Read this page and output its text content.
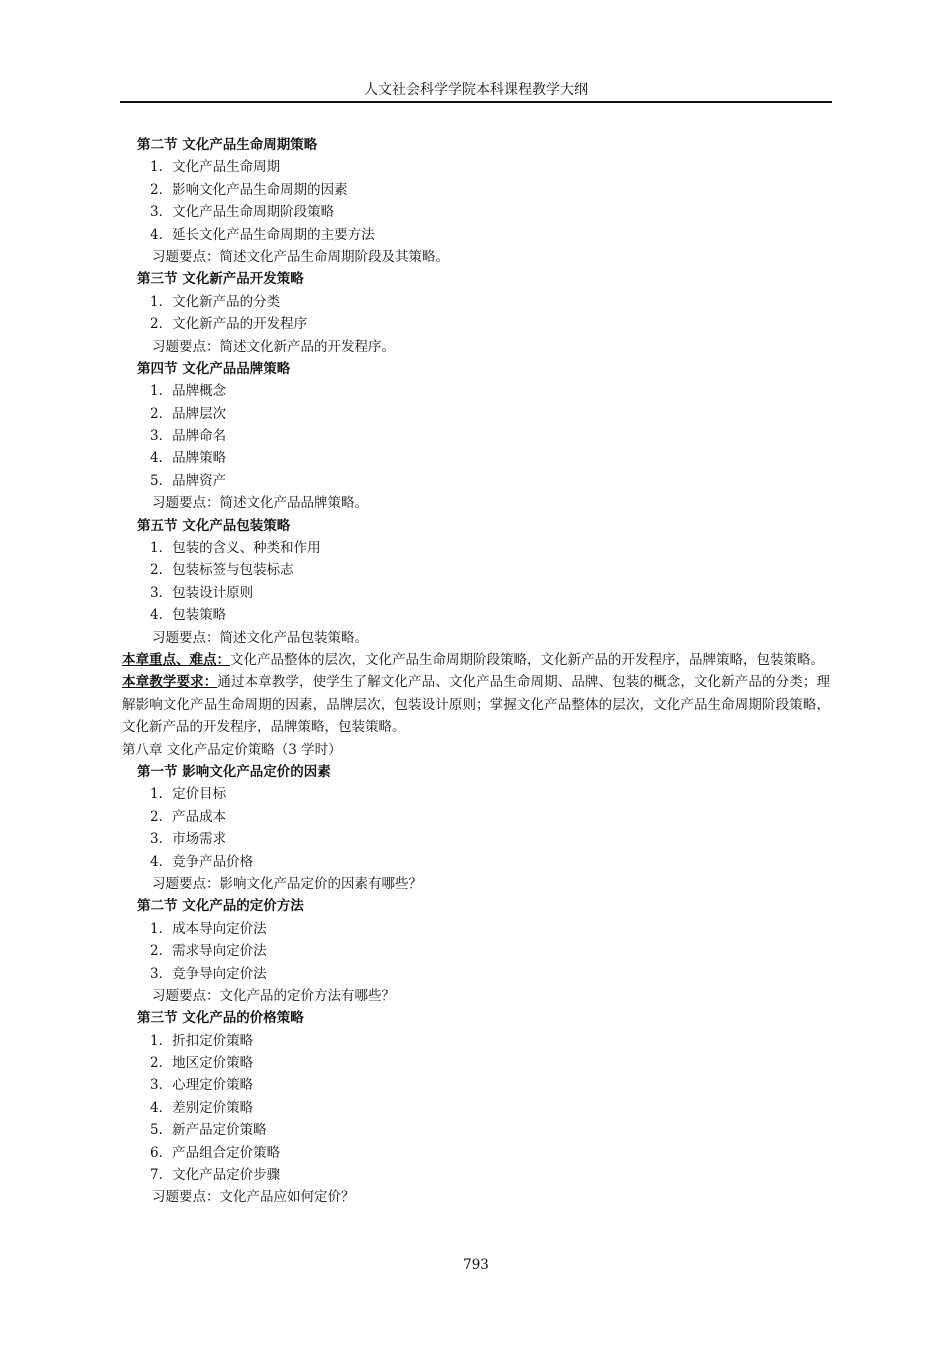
人文社会科学学院本科课程教学大纲
第二节 文化产品生命周期策略
1．文化产品生命周期
2．影响文化产品生命周期的因素
3．文化产品生命周期阶段策略
4．延长文化产品生命周期的主要方法
习题要点：简述文化产品生命周期阶段及其策略。
第三节 文化新产品开发策略
1．文化新产品的分类
2．文化新产品的开发程序
习题要点：简述文化新产品的开发程序。
第四节 文化产品品牌策略
1．品牌概念
2．品牌层次
3．品牌命名
4．品牌策略
5．品牌资产
习题要点：简述文化产品品牌策略。
第五节 文化产品包装策略
1．包装的含义、种类和作用
2．包装标签与包装标志
3．包装设计原则
4．包装策略
习题要点：简述文化产品包装策略。
本章重点、难点：文化产品整体的层次，文化产品生命周期阶段策略，文化新产品的开发程序，品牌策略，包装策略。
本章教学要求：通过本章教学，使学生了解文化产品、文化产品生命周期、品牌、包装的概念，文化新产品的分类；理解影响文化产品生命周期的因素，品牌层次，包装设计原则；掌握文化产品整体的层次，文化产品生命周期阶段策略，文化新产品的开发程序，品牌策略，包装策略。
第八章 文化产品定价策略（3 学时）
第一节 影响文化产品定价的因素
1．定价目标
2．产品成本
3．市场需求
4．竞争产品价格
习题要点：影响文化产品定价的因素有哪些？
第二节 文化产品的定价方法
1．成本导向定价法
2．需求导向定价法
3．竞争导向定价法
习题要点：文化产品的定价方法有哪些？
第三节 文化产品的价格策略
1．折扣定价策略
2．地区定价策略
3．心理定价策略
4．差别定价策略
5．新产品定价策略
6．产品组合定价策略
7．文化产品定价步骤
习题要点：文化产品应如何定价？
793
